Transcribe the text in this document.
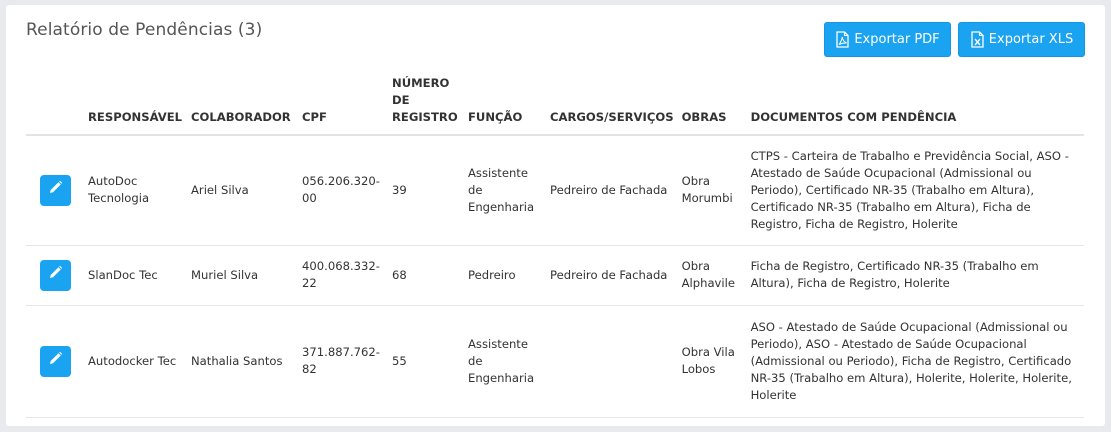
Relatório de Pendências (3)	Exportar PDF	Exportar XLS
	RESPONSÁVEL	COLABORADOR	CPF	NÚMERO
DE
REGISTRO	FUNÇÃO	CARGOS/SERVIÇOS	OBRAS	DOCUMENTOS COM PENDÊNCIA

	AutoDoc Tecnologia	Ariel Silva	056.206.320-00	39	Assistente de Engenharia	Pedreiro de Fachada	Obra Morumbi	CTPS - Carteira de Trabalho e Previdência Social, ASO - Atestado de Saúde Ocupacional (Admissional ou Periodo), Certificado NR-35 (Trabalho em Altura), Certificado NR-35 (Trabalho em Altura), Ficha de Registro, Ficha de Registro, Holerite

	SlanDoc Tec	Muriel Silva	400.068.332-22	68	Pedreiro	Pedreiro de Fachada	Obra Alphavile	Ficha de Registro, Certificado NR-35 (Trabalho em Altura), Ficha de Registro, Holerite

	Autodocker Tec	Nathalia Santos	371.887.762-82	55	Assistente de Engenharia		Obra Vila Lobos	ASO - Atestado de Saúde Ocupacional (Admissional ou Periodo), ASO - Atestado de Saúde Ocupacional (Admissional ou Periodo), Ficha de Registro, Certificado NR-35 (Trabalho em Altura), Holerite, Holerite, Holerite, Holerite
